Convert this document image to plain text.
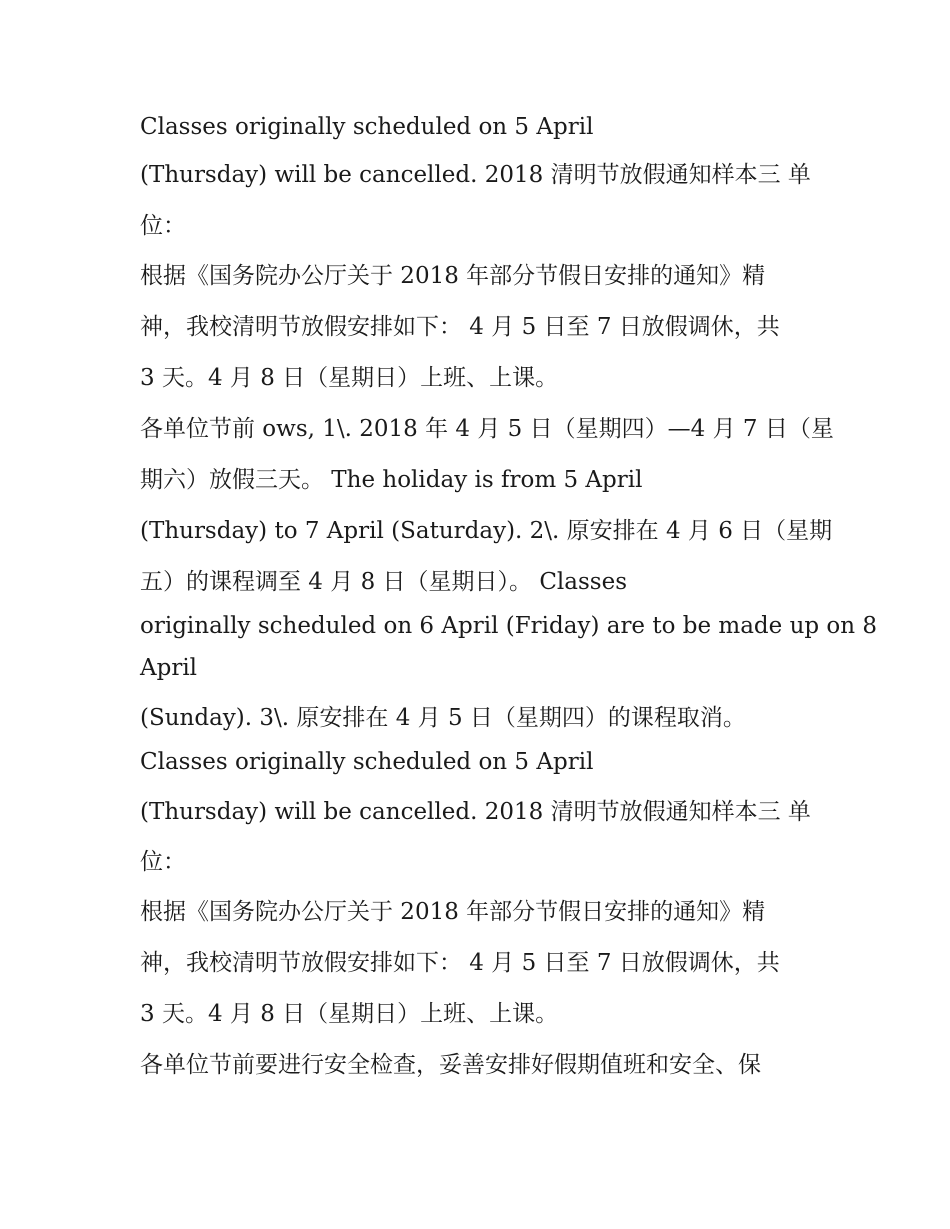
Classes originally scheduled on 5 April
(Thursday) will be cancelled. 2018 清明节放假通知样本三 单
位：
根据《国务院办公厅关于 2018 年部分节假日安排的通知》精
神，我校清明节放假安排如下： 4 月 5 日至 7 日放假调休，共
3 天。4 月 8 日（星期日）上班、上课。
各单位节前 ows, 1\. 2018 年 4 月 5 日（星期四）—4 月 7 日（星
期六）放假三天。 The holiday is from 5 April
(Thursday) to 7 April (Saturday). 2\. 原安排在 4 月 6 日（星期
五）的课程调至 4 月 8 日（星期日）。 Classes
originally scheduled on 6 April (Friday) are to be made up on 8
April
(Sunday). 3\. 原安排在 4 月 5 日（星期四）的课程取消。
Classes originally scheduled on 5 April
(Thursday) will be cancelled. 2018 清明节放假通知样本三 单
位：
根据《国务院办公厅关于 2018 年部分节假日安排的通知》精
神，我校清明节放假安排如下： 4 月 5 日至 7 日放假调休，共
3 天。4 月 8 日（星期日）上班、上课。
各单位节前要进行安全检查，妥善安排好假期值班和安全、保
